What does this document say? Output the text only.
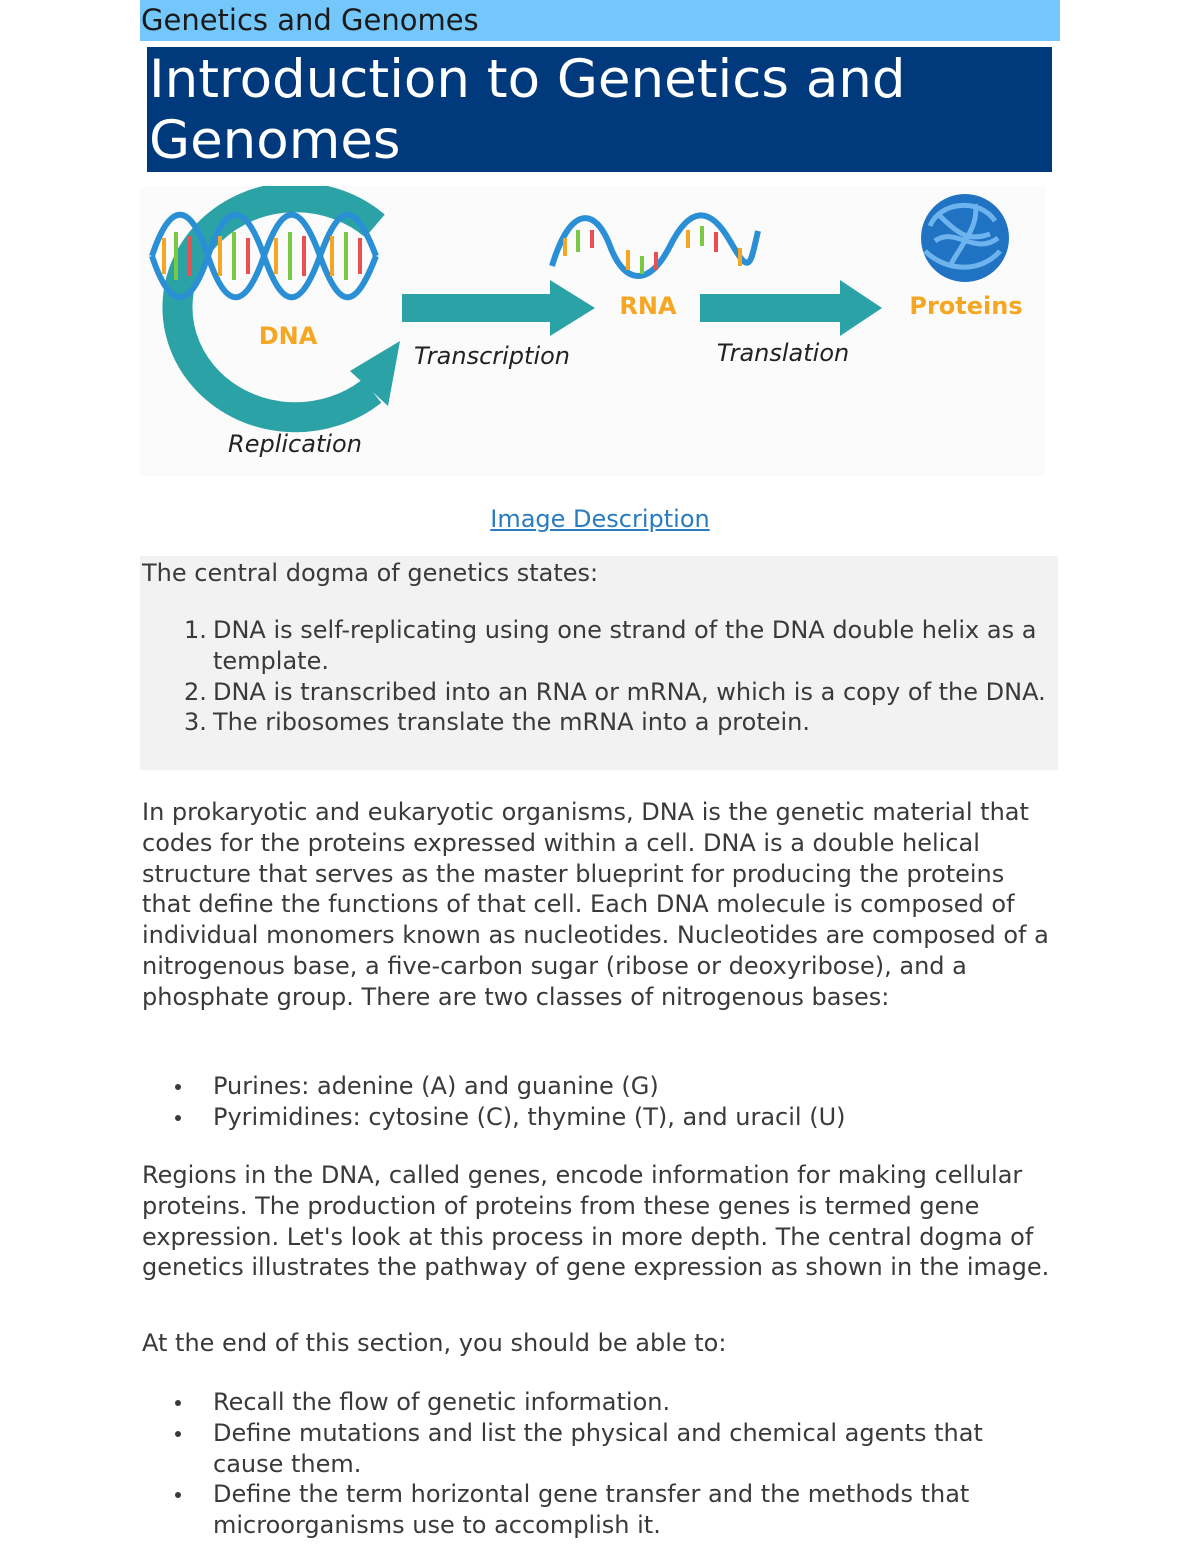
Genetics and Genomes
Introduction to Genetics and Genomes
DNA
Replication
Transcription
RNA
Translation
Proteins
Image Description
The central dogma of genetics states:
1. DNA is self-replicating using one strand of the DNA double helix as a template.
2. DNA is transcribed into an RNA or mRNA, which is a copy of the DNA.
3. The ribosomes translate the mRNA into a protein.
In prokaryotic and eukaryotic organisms, DNA is the genetic material that codes for the proteins expressed within a cell. DNA is a double helical structure that serves as the master blueprint for producing the proteins that define the functions of that cell. Each DNA molecule is composed of individual monomers known as nucleotides. Nucleotides are composed of a nitrogenous base, a five-carbon sugar (ribose or deoxyribose), and a phosphate group. There are two classes of nitrogenous bases:
Purines: adenine (A) and guanine (G)
Pyrimidines: cytosine (C), thymine (T), and uracil (U)
Regions in the DNA, called genes, encode information for making cellular proteins. The production of proteins from these genes is termed gene expression. Let's look at this process in more depth. The central dogma of genetics illustrates the pathway of gene expression as shown in the image.
At the end of this section, you should be able to:
Recall the flow of genetic information.
Define mutations and list the physical and chemical agents that cause them.
Define the term horizontal gene transfer and the methods that microorganisms use to accomplish it.
